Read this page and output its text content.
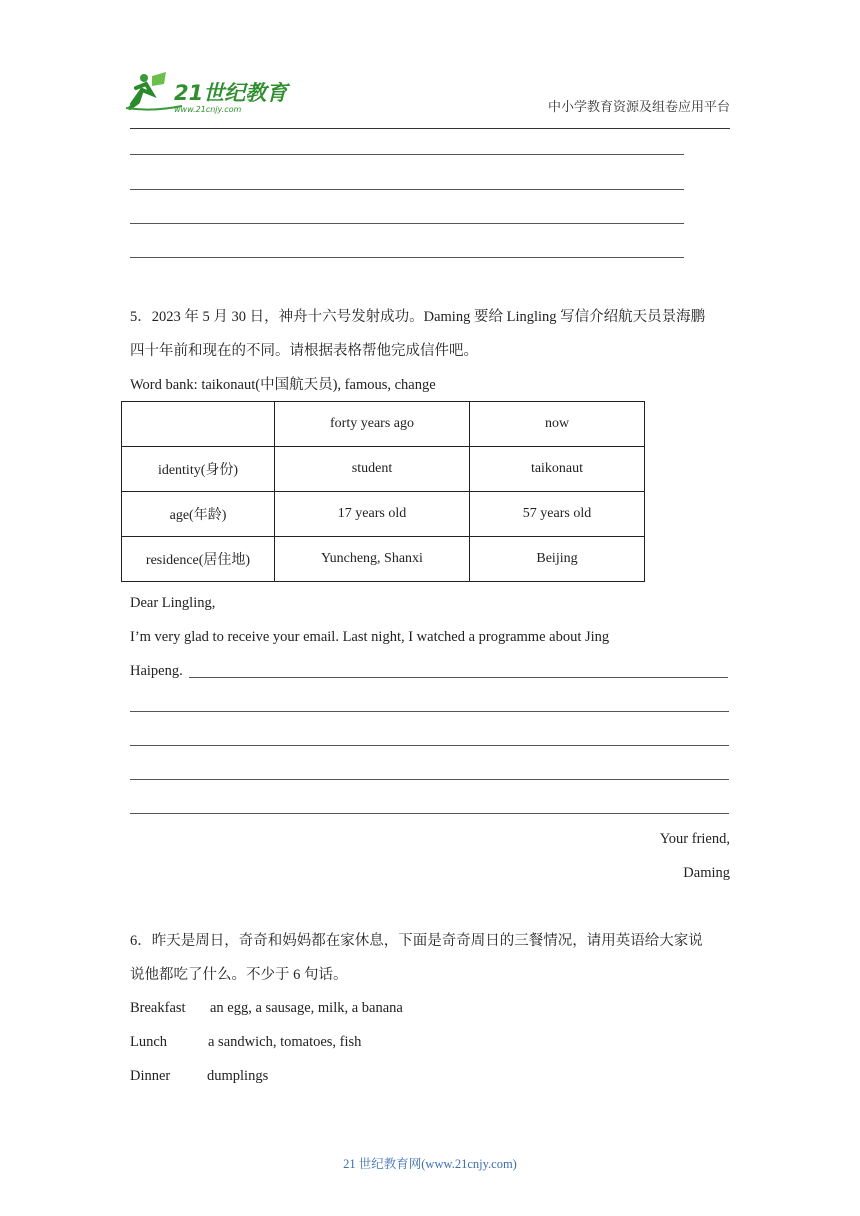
21世纪教育
www.21cnjy.com	中小学教育资源及组卷应用平台
5．2023 年 5 月 30 日，神舟十六号发射成功。Daming 要给 Lingling 写信介绍航天员景海鹏
四十年前和现在的不同。请根据表格帮他完成信件吧。
Word bank: taikonaut(中国航天员), famous, change
	forty years ago	now
identity(身份)	student	taikonaut
age(年龄)	17 years old	57 years old
residence(居住地)	Yuncheng, Shanxi	Beijing
Dear Lingling,
I’m very glad to receive your email. Last night, I watched a programme about Jing
Haipeng.
Your friend,
Daming
6．昨天是周日，奇奇和妈妈都在家休息，下面是奇奇周日的三餐情况，请用英语给大家说
说他都吃了什么。不少于 6 句话。
Breakfast an egg, a sausage, milk, a banana
Lunch	a sandwich, tomatoes, fish
Dinner	dumplings
21 世纪教育网(www.21cnjy.com)
